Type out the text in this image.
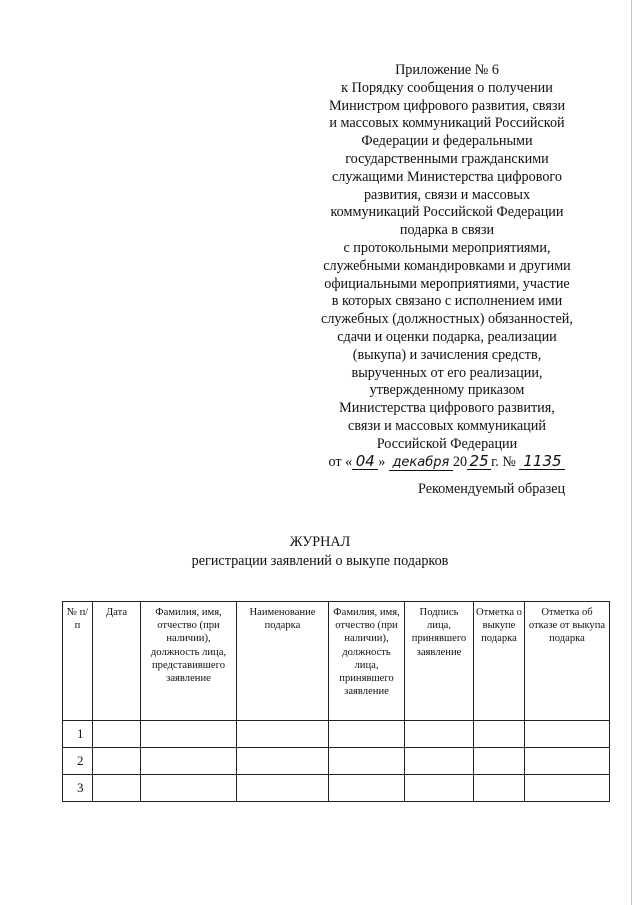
Приложение № 6
к Порядку сообщения о получении
Министром цифрового развития, связи
и массовых коммуникаций Российской
Федерации и федеральными
государственными гражданскими
служащими Министерства цифрового
развития, связи и массовых
коммуникаций Российской Федерации
подарка в связи
с протокольными мероприятиями,
служебными командировками и другими
официальными мероприятиями, участие
в которых связано с исполнением ими
служебных (должностных) обязанностей,
сдачи и оценки подарка, реализации
(выкупа) и зачисления средств,
вырученных от его реализации,
утвержденному приказом
Министерства цифрового развития,
связи и массовых коммуникаций
Российской Федерации
от « 04 » декабря 20 25 г. № 1135
Рекомендуемый образец
ЖУРНАЛ
регистрации заявлений о выкупе подарков
№ п/п	Дата	Фамилия, имя, отчество (при наличии), должность лица, представившего заявление	Наименование подарка	Фамилия, имя, отчество (при наличии), должность лица, принявшего заявление	Подпись лица, принявшего заявление	Отметка о выкупе подарка	Отметка об отказе от выкупа подарка
1							
2							
3							
